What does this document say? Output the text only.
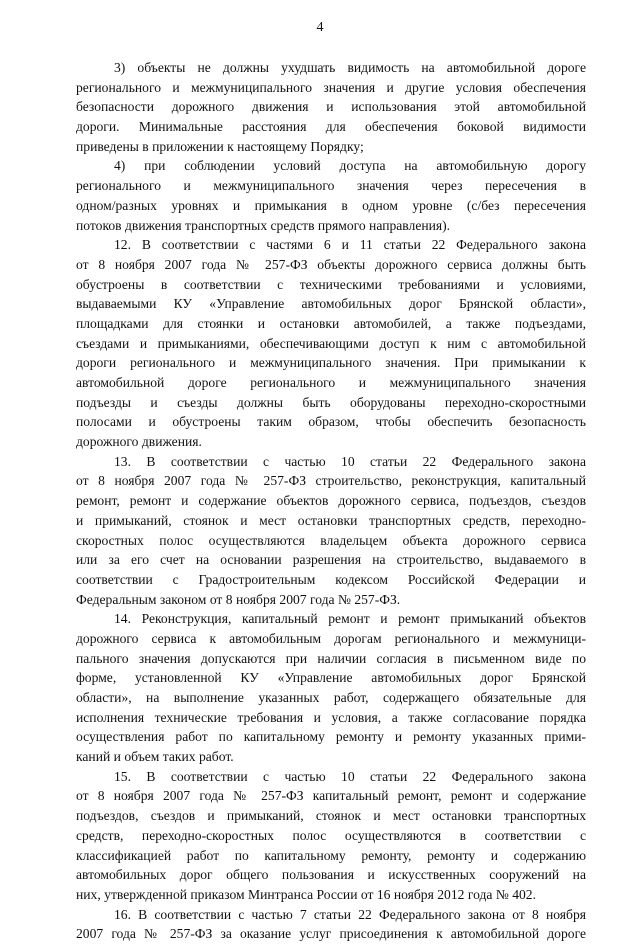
4
3) объекты не должны ухудшать видимость на автомобильной дороге
регионального и межмуниципального значения и другие условия обеспечения
безопасности дорожного движения и использования этой автомобильной
дороги. Минимальные расстояния для обеспечения боковой видимости
приведены в приложении к настоящему Порядку;
4) при соблюдении условий доступа на автомобильную дорогу
регионального и межмуниципального значения через пересечения в
одном/разных уровнях и примыкания в одном уровне (с/без пересечения
потоков движения транспортных средств прямого направления).
12. В соответствии с частями 6 и 11 статьи 22 Федерального закона
от 8 ноября 2007 года № 257-ФЗ объекты дорожного сервиса должны быть
обустроены в соответствии с техническими требованиями и условиями,
выдаваемыми КУ «Управление автомобильных дорог Брянской области»,
площадками для стоянки и остановки автомобилей, а также подъездами,
съездами и примыканиями, обеспечивающими доступ к ним с автомобильной
дороги регионального и межмуниципального значения. При примыкании к
автомобильной дороге регионального и межмуниципального значения
подъезды и съезды должны быть оборудованы переходно-скоростными
полосами и обустроены таким образом, чтобы обеспечить безопасность
дорожного движения.
13. В соответствии с частью 10 статьи 22 Федерального закона
от 8 ноября 2007 года № 257-ФЗ строительство, реконструкция, капитальный
ремонт, ремонт и содержание объектов дорожного сервиса, подъездов, съездов
и примыканий, стоянок и мест остановки транспортных средств, переходно-
скоростных полос осуществляются владельцем объекта дорожного сервиса
или за его счет на основании разрешения на строительство, выдаваемого в
соответствии с Градостроительным кодексом Российской Федерации и
Федеральным законом от 8 ноября 2007 года № 257-ФЗ.
14. Реконструкция, капитальный ремонт и ремонт примыканий объектов
дорожного сервиса к автомобильным дорогам регионального и межмуници-
пального значения допускаются при наличии согласия в письменном виде по
форме, установленной КУ «Управление автомобильных дорог Брянской
области», на выполнение указанных работ, содержащего обязательные для
исполнения технические требования и условия, а также согласование порядка
осуществления работ по капитальному ремонту и ремонту указанных прими-
каний и объем таких работ.
15. В соответствии с частью 10 статьи 22 Федерального закона
от 8 ноября 2007 года № 257-ФЗ капитальный ремонт, ремонт и содержание
подъездов, съездов и примыканий, стоянок и мест остановки транспортных
средств, переходно-скоростных полос осуществляются в соответствии с
классификацией работ по капитальному ремонту, ремонту и содержанию
автомобильных дорог общего пользования и искусственных сооружений на
них, утвержденной приказом Минтранса России от 16 ноября 2012 года № 402.
16. В соответствии с частью 7 статьи 22 Федерального закона от 8 ноября
2007 года № 257-ФЗ за оказание услуг присоединения к автомобильной дороге
